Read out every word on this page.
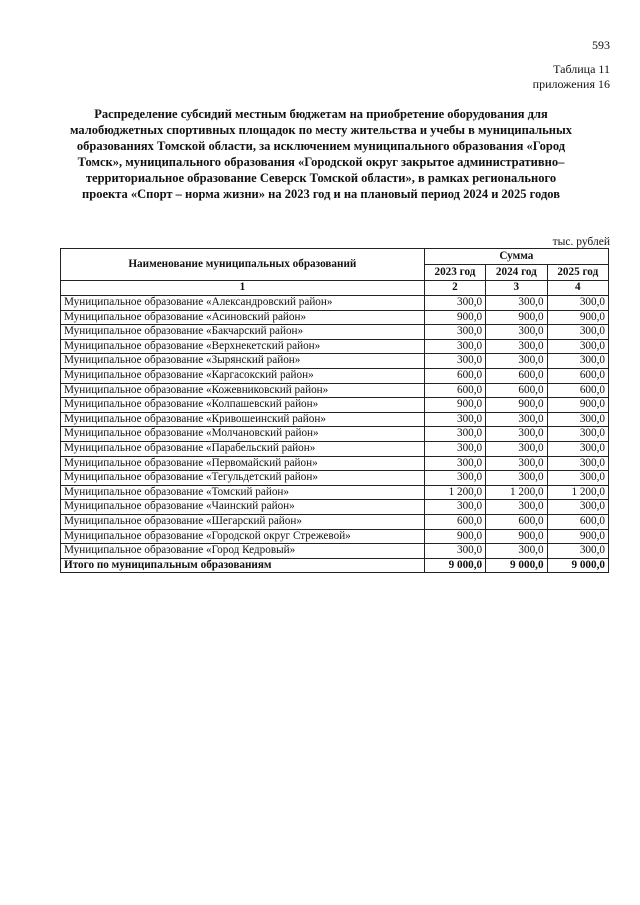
593
Таблица 11
приложения 16
Распределение субсидий местным бюджетам на приобретение оборудования для малобюджетных спортивных площадок по месту жительства и учебы в муниципальных образованиях Томской области, за исключением муниципального образования «Город Томск», муниципального образования «Городской округ закрытое административно–территориальное образование Северск Томской области», в рамках регионального проекта «Спорт – норма жизни» на 2023 год и на плановый период 2024 и 2025 годов
тыс. рублей
Наименование муниципальных образований	Сумма		
	2023 год	2024 год	2025 год
1	2	3	4
Муниципальное образование «Александровский район»	300,0	300,0	300,0
Муниципальное образование «Асиновский район»	900,0	900,0	900,0
Муниципальное образование «Бакчарский район»	300,0	300,0	300,0
Муниципальное образование «Верхнекетский район»	300,0	300,0	300,0
Муниципальное образование «Зырянский район»	300,0	300,0	300,0
Муниципальное образование «Каргасокский район»	600,0	600,0	600,0
Муниципальное образование «Кожевниковский район»	600,0	600,0	600,0
Муниципальное образование «Колпашевский район»	900,0	900,0	900,0
Муниципальное образование «Кривошеинский район»	300,0	300,0	300,0
Муниципальное образование «Молчановский район»	300,0	300,0	300,0
Муниципальное образование «Парабельский район»	300,0	300,0	300,0
Муниципальное образование «Первомайский район»	300,0	300,0	300,0
Муниципальное образование «Тегульдетский район»	300,0	300,0	300,0
Муниципальное образование «Томский район»	1 200,0	1 200,0	1 200,0
Муниципальное образование «Чаинский район»	300,0	300,0	300,0
Муниципальное образование «Шегарский район»	600,0	600,0	600,0
Муниципальное образование «Городской округ Стрежевой»	900,0	900,0	900,0
Муниципальное образование «Город Кедровый»	300,0	300,0	300,0
Итого по муниципальным образованиям	9 000,0	9 000,0	9 000,0
